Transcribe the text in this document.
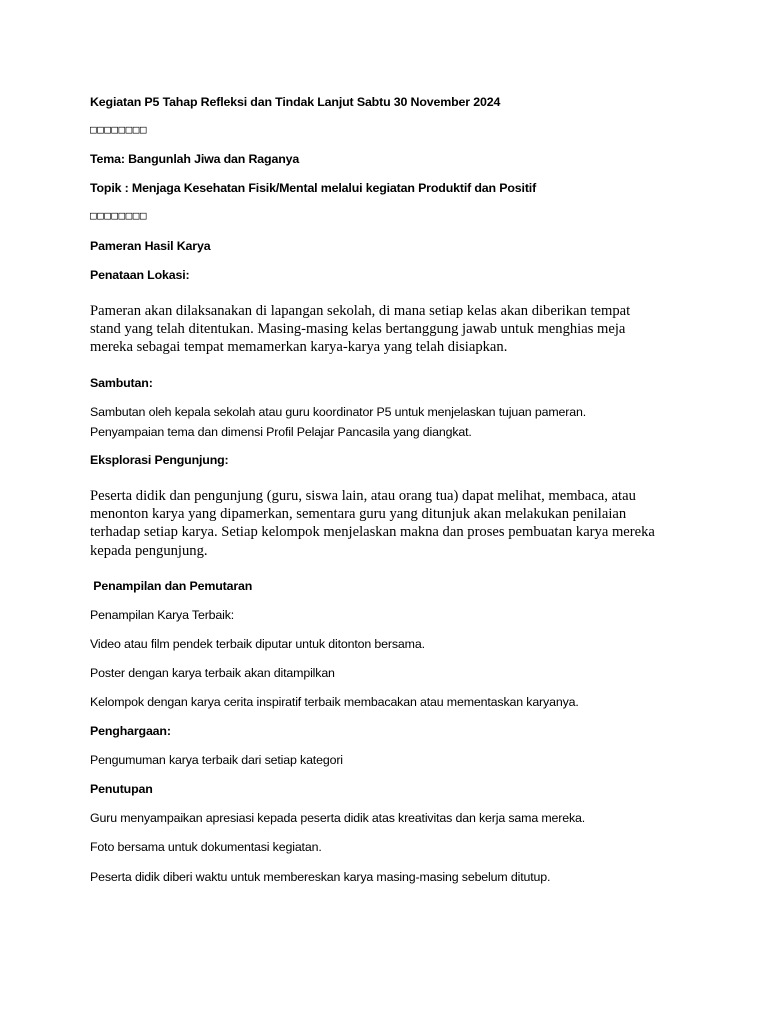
Kegiatan P5 Tahap Refleksi dan Tindak Lanjut Sabtu 30 November 2024
□□□□□□□□
Tema: Bangunlah Jiwa dan Raganya
Topik : Menjaga Kesehatan Fisik/Mental melalui kegiatan Produktif dan Positif
□□□□□□□□
Pameran Hasil Karya
Penataan Lokasi:
Pameran akan dilaksanakan di lapangan sekolah, di mana setiap kelas akan diberikan tempat
stand yang telah ditentukan. Masing-masing kelas bertanggung jawab untuk menghias meja
mereka sebagai tempat memamerkan karya-karya yang telah disiapkan.
Sambutan:
Sambutan oleh kepala sekolah atau guru koordinator P5 untuk menjelaskan tujuan pameran.
Penyampaian tema dan dimensi Profil Pelajar Pancasila yang diangkat.
Eksplorasi Pengunjung:
Peserta didik dan pengunjung (guru, siswa lain, atau orang tua) dapat melihat, membaca, atau
menonton karya yang dipamerkan, sementara guru yang ditunjuk akan melakukan penilaian
terhadap setiap karya. Setiap kelompok menjelaskan makna dan proses pembuatan karya mereka
kepada pengunjung.
Penampilan dan Pemutaran
Penampilan Karya Terbaik:
Video atau film pendek terbaik diputar untuk ditonton bersama.
Poster dengan karya terbaik akan ditampilkan
Kelompok dengan karya cerita inspiratif terbaik membacakan atau mementaskan karyanya.
Penghargaan:
Pengumuman karya terbaik dari setiap kategori
Penutupan
Guru menyampaikan apresiasi kepada peserta didik atas kreativitas dan kerja sama mereka.
Foto bersama untuk dokumentasi kegiatan.
Peserta didik diberi waktu untuk membereskan karya masing-masing sebelum ditutup.
